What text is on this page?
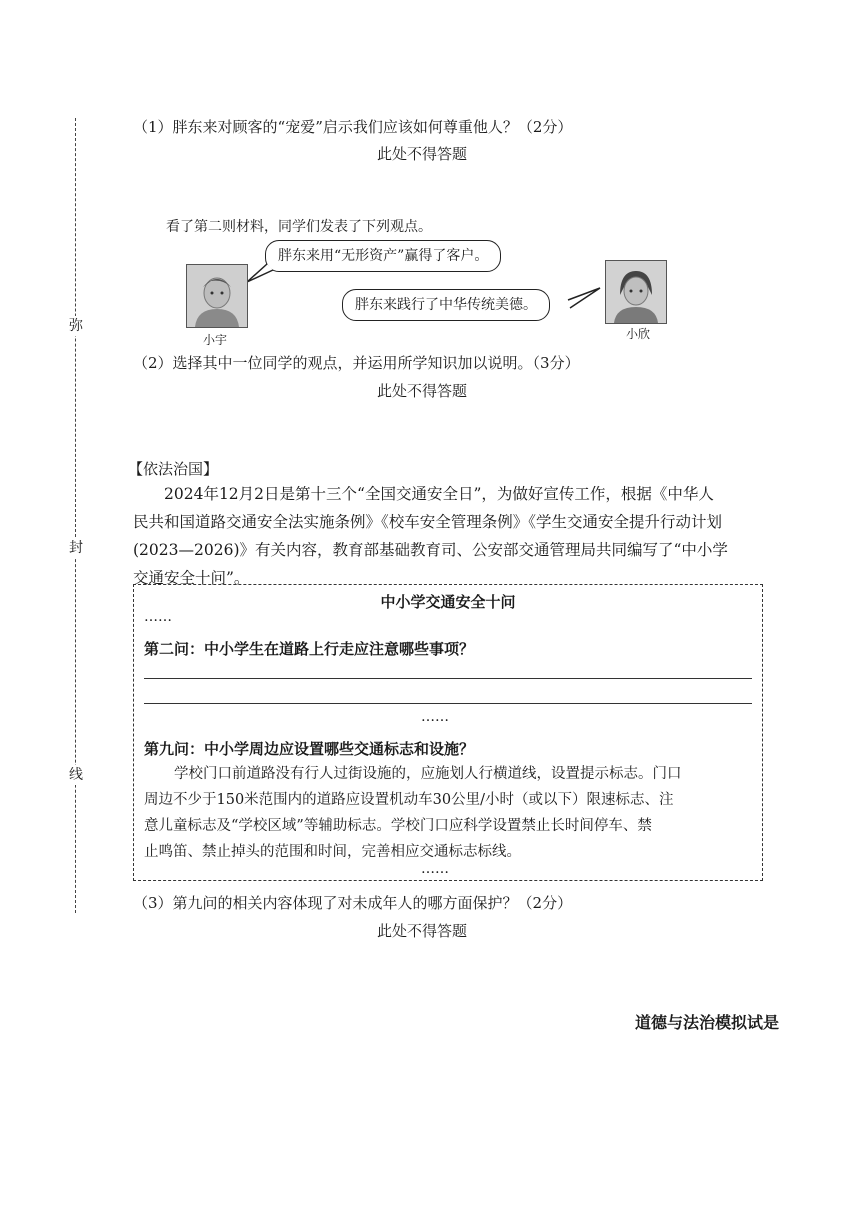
弥
封
线
（1）胖东来对顾客的“宠爱”启示我们应该如何尊重他人？（2分）
此处不得答题
看了第二则材料，同学们发表了下列观点。
胖东来用“无形资产”赢得了客户。
胖东来践行了中华传统美德。
小宇	小欣
（2）选择其中一位同学的观点，并运用所学知识加以说明。（3分）
此处不得答题
【依法治国】
2024年12月2日是第十三个“全国交通安全日”，为做好宣传工作，根据《中华人
民共和国道路交通安全法实施条例》《校车安全管理条例》《学生交通安全提升行动计划
(2023—2026)》有关内容，教育部基础教育司、公安部交通管理局共同编写了“中小学
交通安全十问”。
中小学交通安全十问
……
第二问：中小学生在道路上行走应注意哪些事项？
……
第九问：中小学周边应设置哪些交通标志和设施？
学校门口前道路没有行人过街设施的，应施划人行横道线，设置提示标志。门口
周边不少于150米范围内的道路应设置机动车30公里/小时（或以下）限速标志、注
意儿童标志及“学校区域”等辅助标志。学校门口应科学设置禁止长时间停车、禁
止鸣笛、禁止掉头的范围和时间，完善相应交通标志标线。
……
（3）第九问的相关内容体现了对未成年人的哪方面保护？（2分）
此处不得答题
道德与法治模拟试是
